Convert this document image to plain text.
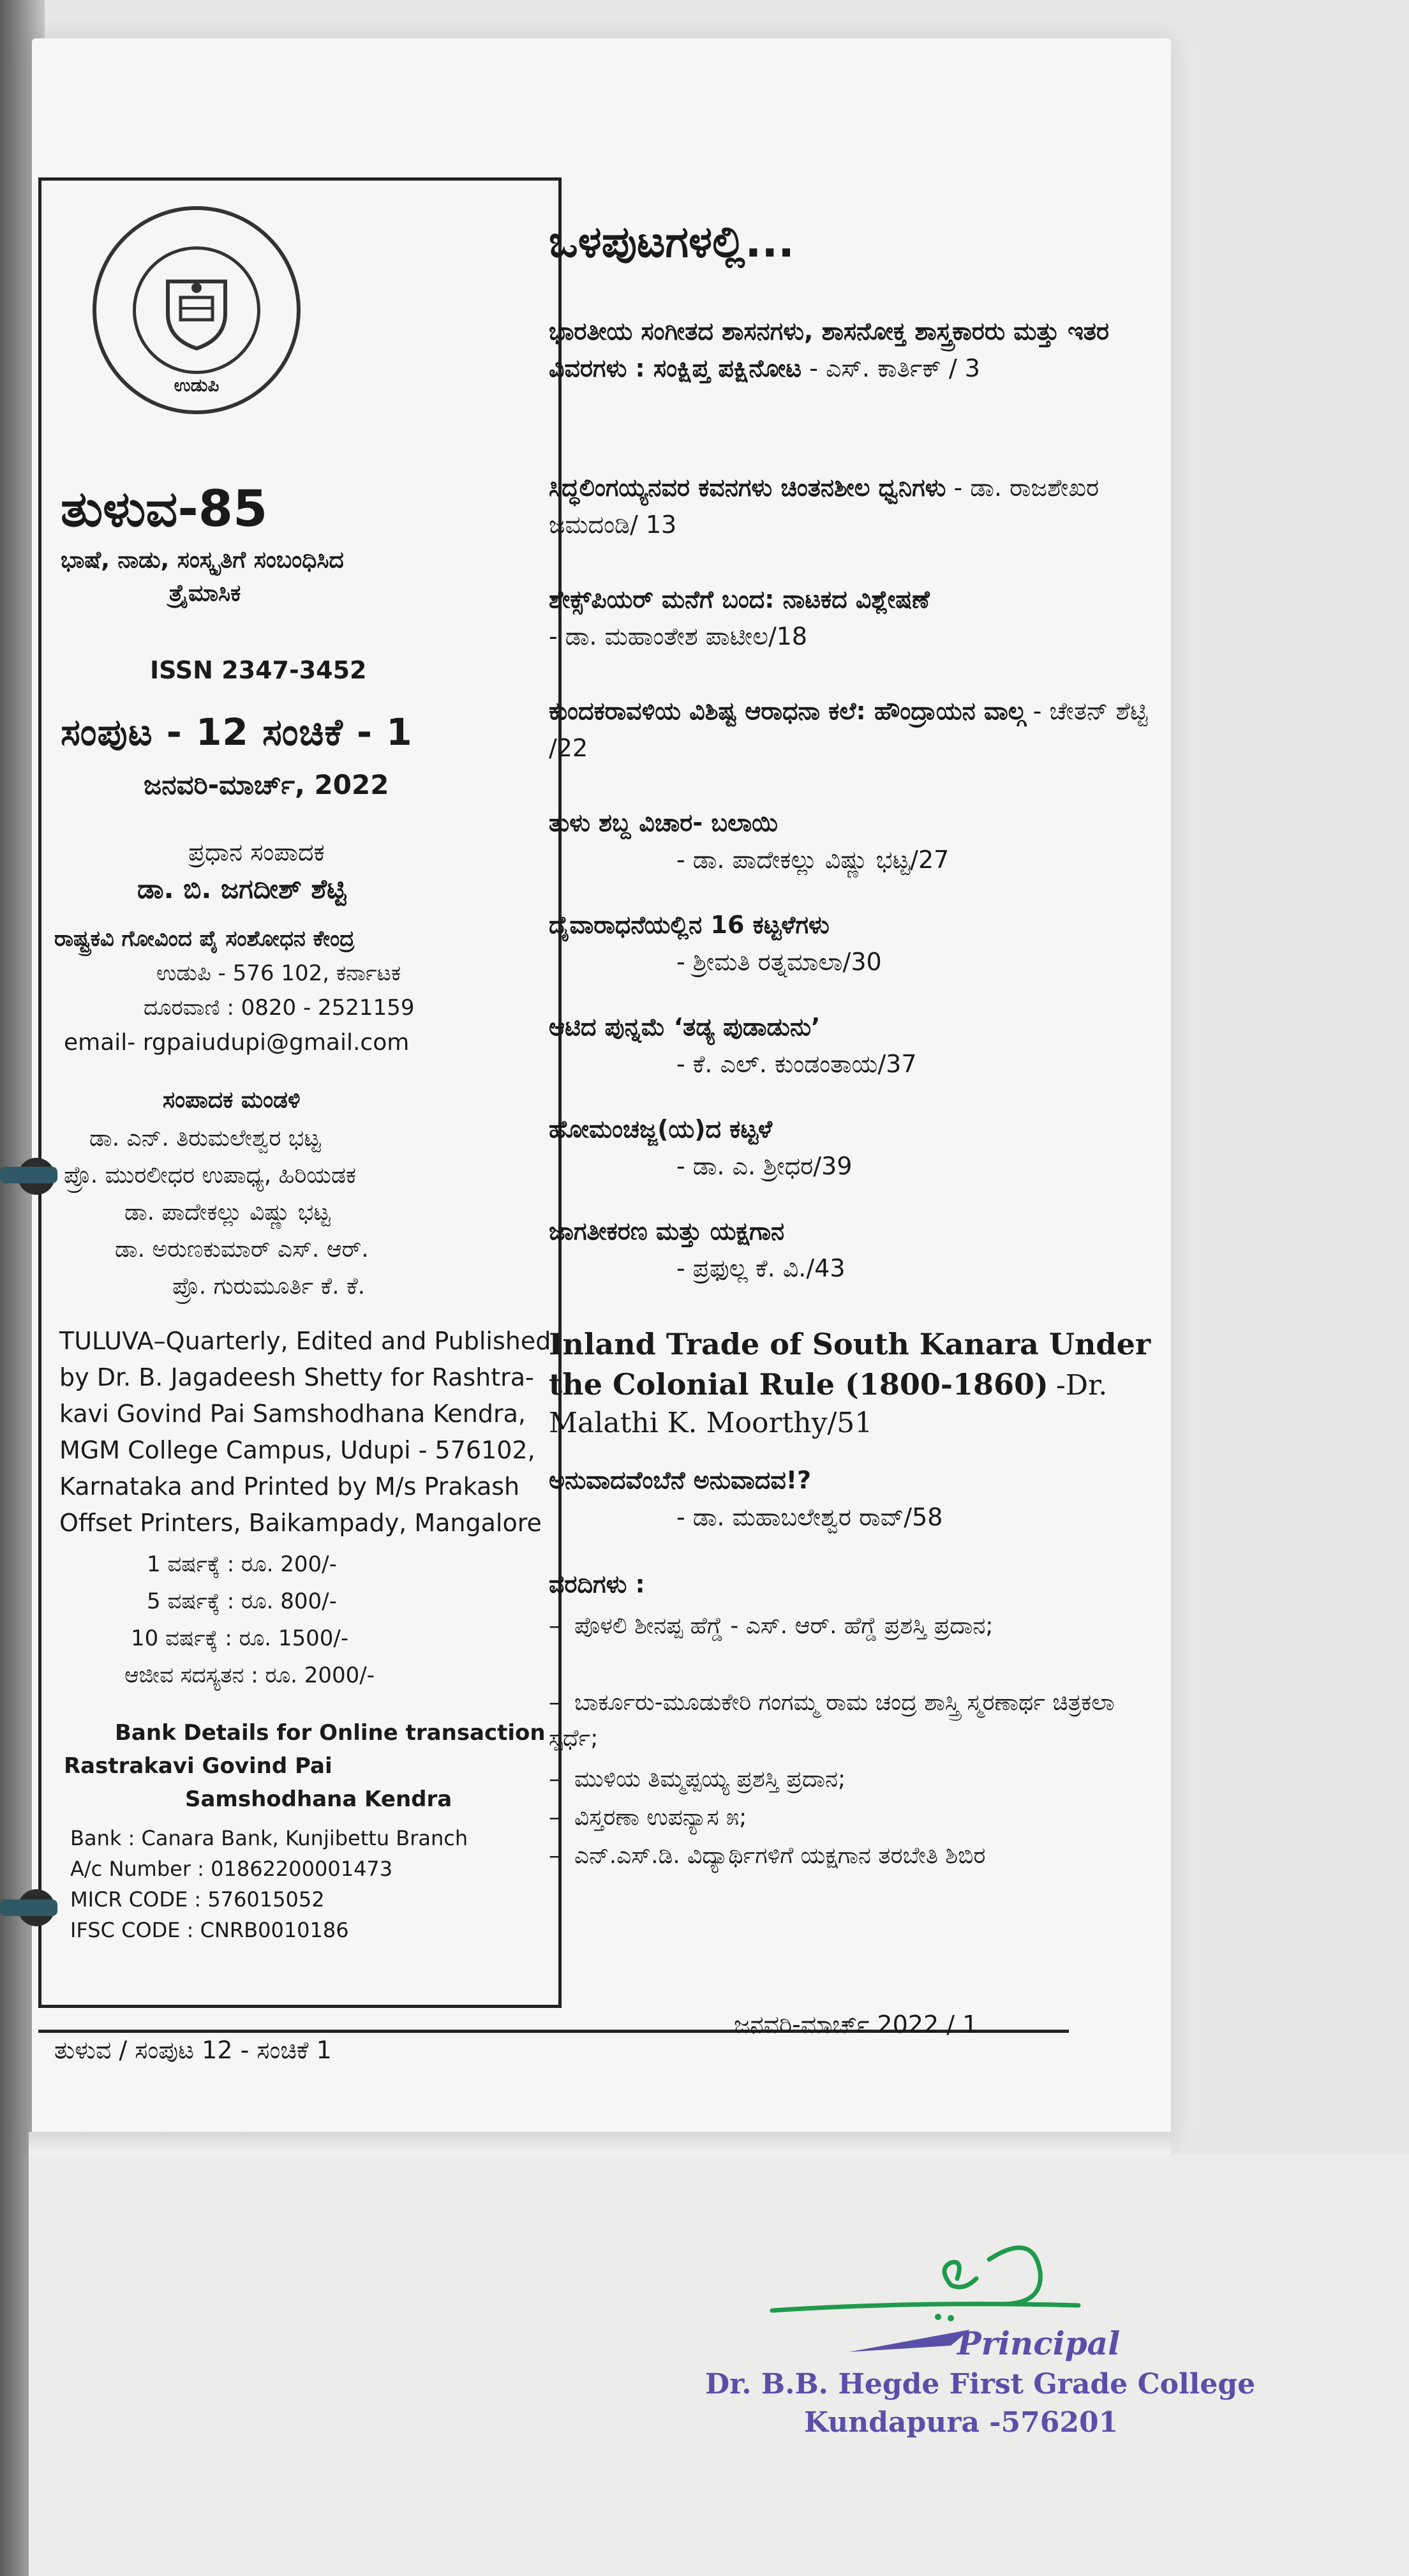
ಉಡುಪಿ
ತುಳುವ-85
ಭಾಷೆ, ನಾಡು, ಸಂಸ್ಕೃತಿಗೆ ಸಂಬಂಧಿಸಿದ
ತ್ರೈಮಾಸಿಕ
ISSN 2347-3452
ಸಂಪುಟ - 12 ಸಂಚಿಕೆ - 1
ಜನವರಿ-ಮಾರ್ಚ್, 2022
ಪ್ರಧಾನ ಸಂಪಾದಕ
ಡಾ. ಬಿ. ಜಗದೀಶ್ ಶೆಟ್ಟಿ
ರಾಷ್ಟ್ರಕವಿ ಗೋವಿಂದ ಪೈ ಸಂಶೋಧನ ಕೇಂದ್ರ
ಉಡುಪಿ - 576 102, ಕರ್ನಾಟಕ
ದೂರವಾಣಿ : 0820 - 2521159
email- rgpaiudupi@gmail.com
ಸಂಪಾದಕ ಮಂಡಳಿ
ಡಾ. ಎನ್. ತಿರುಮಲೇಶ್ವರ ಭಟ್ಟ
ಪ್ರೊ. ಮುರಲೀಧರ ಉಪಾಧ್ಯ, ಹಿರಿಯಡಕ
ಡಾ. ಪಾದೇಕಲ್ಲು ವಿಷ್ಣು ಭಟ್ಟ
ಡಾ. ಅರುಣಕುಮಾರ್ ಎಸ್. ಆರ್.
ಪ್ರೊ. ಗುರುಮೂರ್ತಿ ಕೆ. ಕೆ.
TULUVA–Quarterly, Edited and Published by Dr. B. Jagadeesh Shetty for Rashtra-kavi Govind Pai Samshodhana Kendra, MGM College Campus, Udupi - 576102, Karnataka and Printed by M/s Prakash Offset Printers, Baikampady, Mangalore
1 ವರ್ಷಕ್ಕೆ : ರೂ. 200/-
5 ವರ್ಷಕ್ಕೆ : ರೂ. 800/-
10 ವರ್ಷಕ್ಕೆ : ರೂ. 1500/-
ಆಜೀವ ಸದಸ್ಯತನ : ರೂ. 2000/-
Bank Details for Online transaction
Rastrakavi Govind Pai
Samshodhana Kendra
Bank : Canara Bank, Kunjibettu Branch
A/c Number : 01862200001473
MICR CODE : 576015052
IFSC CODE : CNRB0010186
ಒಳಪುಟಗಳಲ್ಲಿ...
ಭಾರತೀಯ ಸಂಗೀತದ ಶಾಸನಗಳು, ಶಾಸನೋಕ್ತ ಶಾಸ್ತ್ರಕಾರರು ಮತ್ತು ಇತರ ವಿವರಗಳು : ಸಂಕ್ಷಿಪ್ತ ಪಕ್ಷಿನೋಟ - ಎಸ್. ಕಾರ್ತಿಕ್ / 3
ಸಿದ್ಧಲಿಂಗಯ್ಯನವರ ಕವನಗಳು ಚಿಂತನಶೀಲ ಧ್ವನಿಗಳು - ಡಾ. ರಾಜಶೇಖರ ಜಮದಂಡಿ/ 13
ಶೇಕ್ಸ್‌ಪಿಯರ್ ಮನೆಗೆ ಬಂದ: ನಾಟಕದ ವಿಶ್ಲೇಷಣೆ
- ಡಾ. ಮಹಾಂತೇಶ ಪಾಟೀಲ/18
ಕುಂದಕರಾವಳಿಯ ವಿಶಿಷ್ಟ ಆರಾಧನಾ ಕಲೆ: ಹೌಂದ್ರಾಯನ ವಾಲ್ಗ - ಚೇತನ್ ಶೆಟ್ಟಿ /22
ತುಳು ಶಬ್ದ ವಿಚಾರ- ಬಲಾಯಿ
- ಡಾ. ಪಾದೇಕಲ್ಲು ವಿಷ್ಣು ಭಟ್ಟ/27
ದೈವಾರಾಧನೆಯಲ್ಲಿನ 16 ಕಟ್ಟಳೆಗಳು
- ಶ್ರೀಮತಿ ರತ್ನಮಾಲಾ/30
ಆಟಿದ ಪುನ್ನಮೆ ‘ತಡ್ಯ ಪುಡಾಡುನು’
- ಕೆ. ಎಲ್. ಕುಂಡಂತಾಯ/37
ಹೋಮಂಚಜ್ಜ(ಯ)ದ ಕಟ್ಟಳೆ
- ಡಾ. ಎ. ಶ್ರೀಧರ/39
ಜಾಗತೀಕರಣ ಮತ್ತು ಯಕ್ಷಗಾನ
- ಪ್ರಫುಲ್ಲ ಕೆ. ವಿ./43
Inland Trade of South Kanara Under the Colonial Rule (1800-1860) -Dr. Malathi K. Moorthy/51
ಅನುವಾದವೆಂಬೆನೆ ಅನುವಾದವ!?
- ಡಾ. ಮಹಾಬಲೇಶ್ವರ ರಾವ್/58
ವರದಿಗಳು :
– ಪೊಳಲಿ ಶೀನಪ್ಪ ಹೆಗ್ಡೆ - ಎಸ್. ಆರ್. ಹೆಗ್ಡೆ ಪ್ರಶಸ್ತಿ ಪ್ರದಾನ;
– ಬಾರ್ಕೂರು-ಮೂಡುಕೇರಿ ಗಂಗಮ್ಮ ರಾಮ ಚಂದ್ರ ಶಾಸ್ತ್ರಿ ಸ್ಮರಣಾರ್ಥ ಚಿತ್ರಕಲಾ ಸ್ಪರ್ಧೆ;
– ಮುಳಿಯ ತಿಮ್ಮಪ್ಪಯ್ಯ ಪ್ರಶಸ್ತಿ ಪ್ರದಾನ;
– ವಿಸ್ತರಣಾ ಉಪನ್ಯಾಸ ೫;
– ಎನ್.ಎಸ್.ಡಿ. ವಿದ್ಯಾರ್ಥಿಗಳಿಗೆ ಯಕ್ಷಗಾನ ತರಬೇತಿ ಶಿಬಿರ
ತುಳುವ / ಸಂಪುಟ 12 - ಸಂಚಿಕೆ 1
ಜನವರಿ-ಮಾರ್ಚ್ 2022 / 1
Principal
Dr. B.B. Hegde First Grade College
Kundapura -576201
